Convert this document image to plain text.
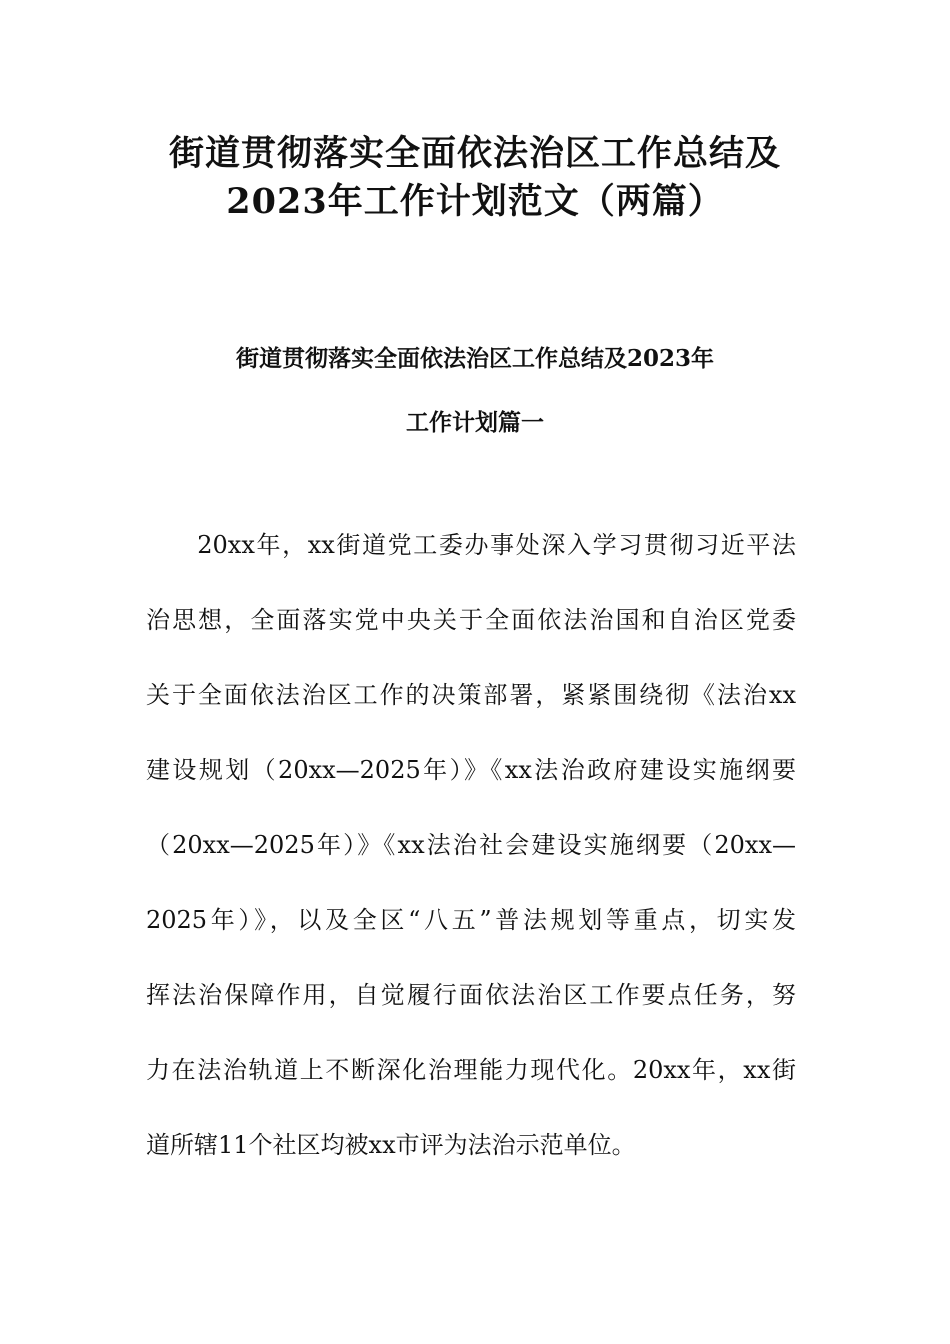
街道贯彻落实全面依法治区工作总结及
2023年工作计划范文（两篇）
街道贯彻落实全面依法治区工作总结及2023年
工作计划篇一
　　20xx年，xx街道党工委办事处深入学习贯彻习近平法
治思想，全面落实党中央关于全面依法治国和自治区党委
关于全面依法治区工作的决策部署，紧紧围绕彻《法治xx
建设规划（20xx—2025年）》《xx法治政府建设实施纲要
（20xx—2025年）》《xx法治社会建设实施纲要（20xx—
2025年）》，以及全区“八五”普法规划等重点，切实发
挥法治保障作用，自觉履行面依法治区工作要点任务，努
力在法治轨道上不断深化治理能力现代化。20xx年，xx街
道所辖11个社区均被xx市评为法治示范单位。
